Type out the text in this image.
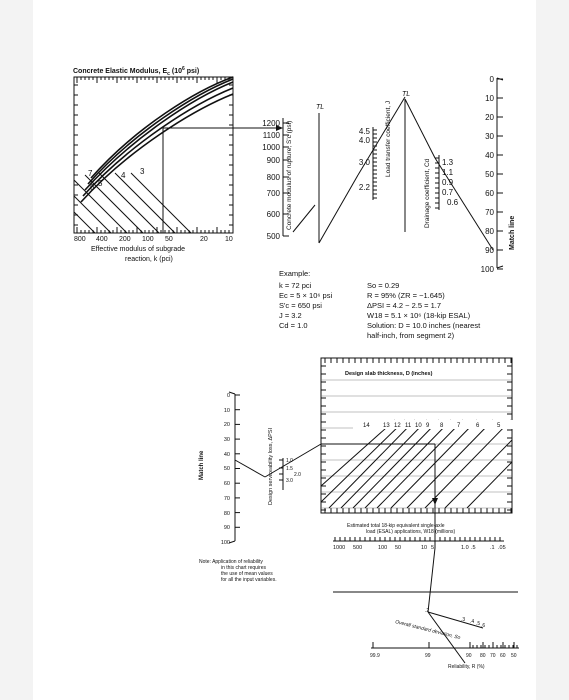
Concrete Elastic Modulus, $E_c$ ($10^6$ psi)
7
6 5
4 3
800 400 200 100 50	20 10
Effective modulus of subgrade
reaction, k (pci)
1200
1100
1000
900
800
700
600
500
Concrete modulus of rupture, S'c (psi)
TL
4.5
4.0
3.0
2.2
Load transfer coefficient, J
TL
Drainage coefficient, Cd 1.3
1.1
0.9
0.7
0.6
0
10
20
30
40
50
60
70
80
90
100
Match line
Example:
k = 72 pci
Ec = 5 × 10⁶ psi
S'c = 650 psi
J = 3.2
Cd = 1.0
So = 0.29
R = 95% (ZR = −1.645)
ΔPSI = 4.2 − 2.5 = 1.7
W18 = 5.1 × 10⁶ (18-kip ESAL)
Solution: D = 10.0 inches (nearest
half-inch, from segment 2)
Design slab thickness, D (inches)
14 13 12 11 10 9 8 7	6	5
Estimated total 18-kip equivalent single-axle
load (ESAL) applications, W18 (millions)
1000 500	100 50	10 5	1.0 .5	.1 .05
0
10
20
30
40
50
60
70
80
90
100
Match line	Design serviceability loss, ΔPSI 1.0
1.5
2.0
3.0
Note: Application of reliability
in this chart requires
the use of mean values
for all the input variables.
.2
.3 .4 .5 .6
Overall standard deviation, So
99.9	99	90 80 70 60 50
Reliability, R (%)
